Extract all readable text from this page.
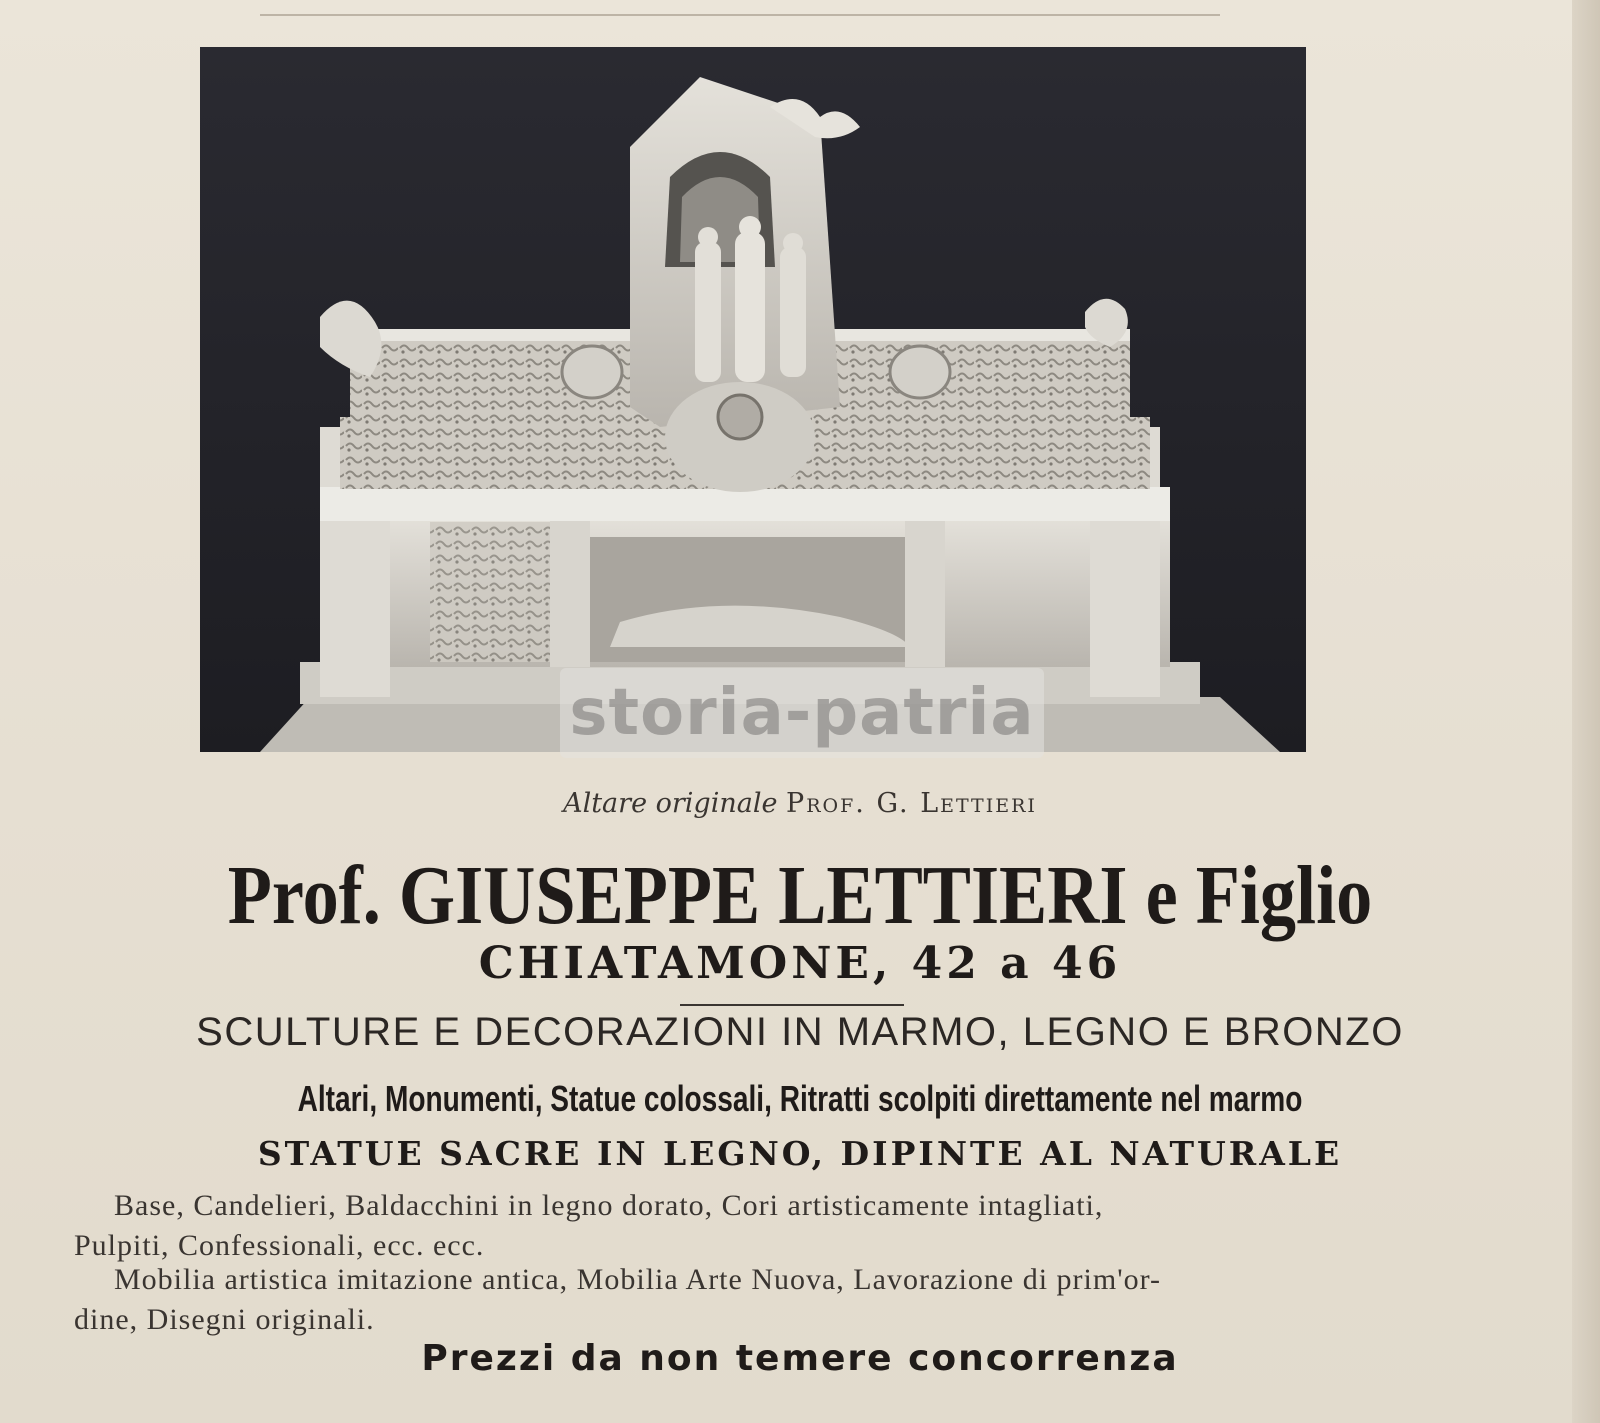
storia-patria
Altare originale Prof. G. Lettieri
Prof. GIUSEPPE LETTIERI e Figlio
CHIATAMONE, 42 a 46
SCULTURE E DECORAZIONI IN MARMO, LEGNO E BRONZO
Altari, Monumenti, Statue colossali, Ritratti scolpiti direttamente nel marmo
STATUE SACRE IN LEGNO, DIPINTE AL NATURALE
Base, Candelieri, Baldacchini in legno dorato, Cori artisticamente intagliati,
Pulpiti, Confessionali, ecc. ecc.
Mobilia artistica imitazione antica, Mobilia Arte Nuova, Lavorazione di prim'or-
dine, Disegni originali.
Prezzi da non temere concorrenza
